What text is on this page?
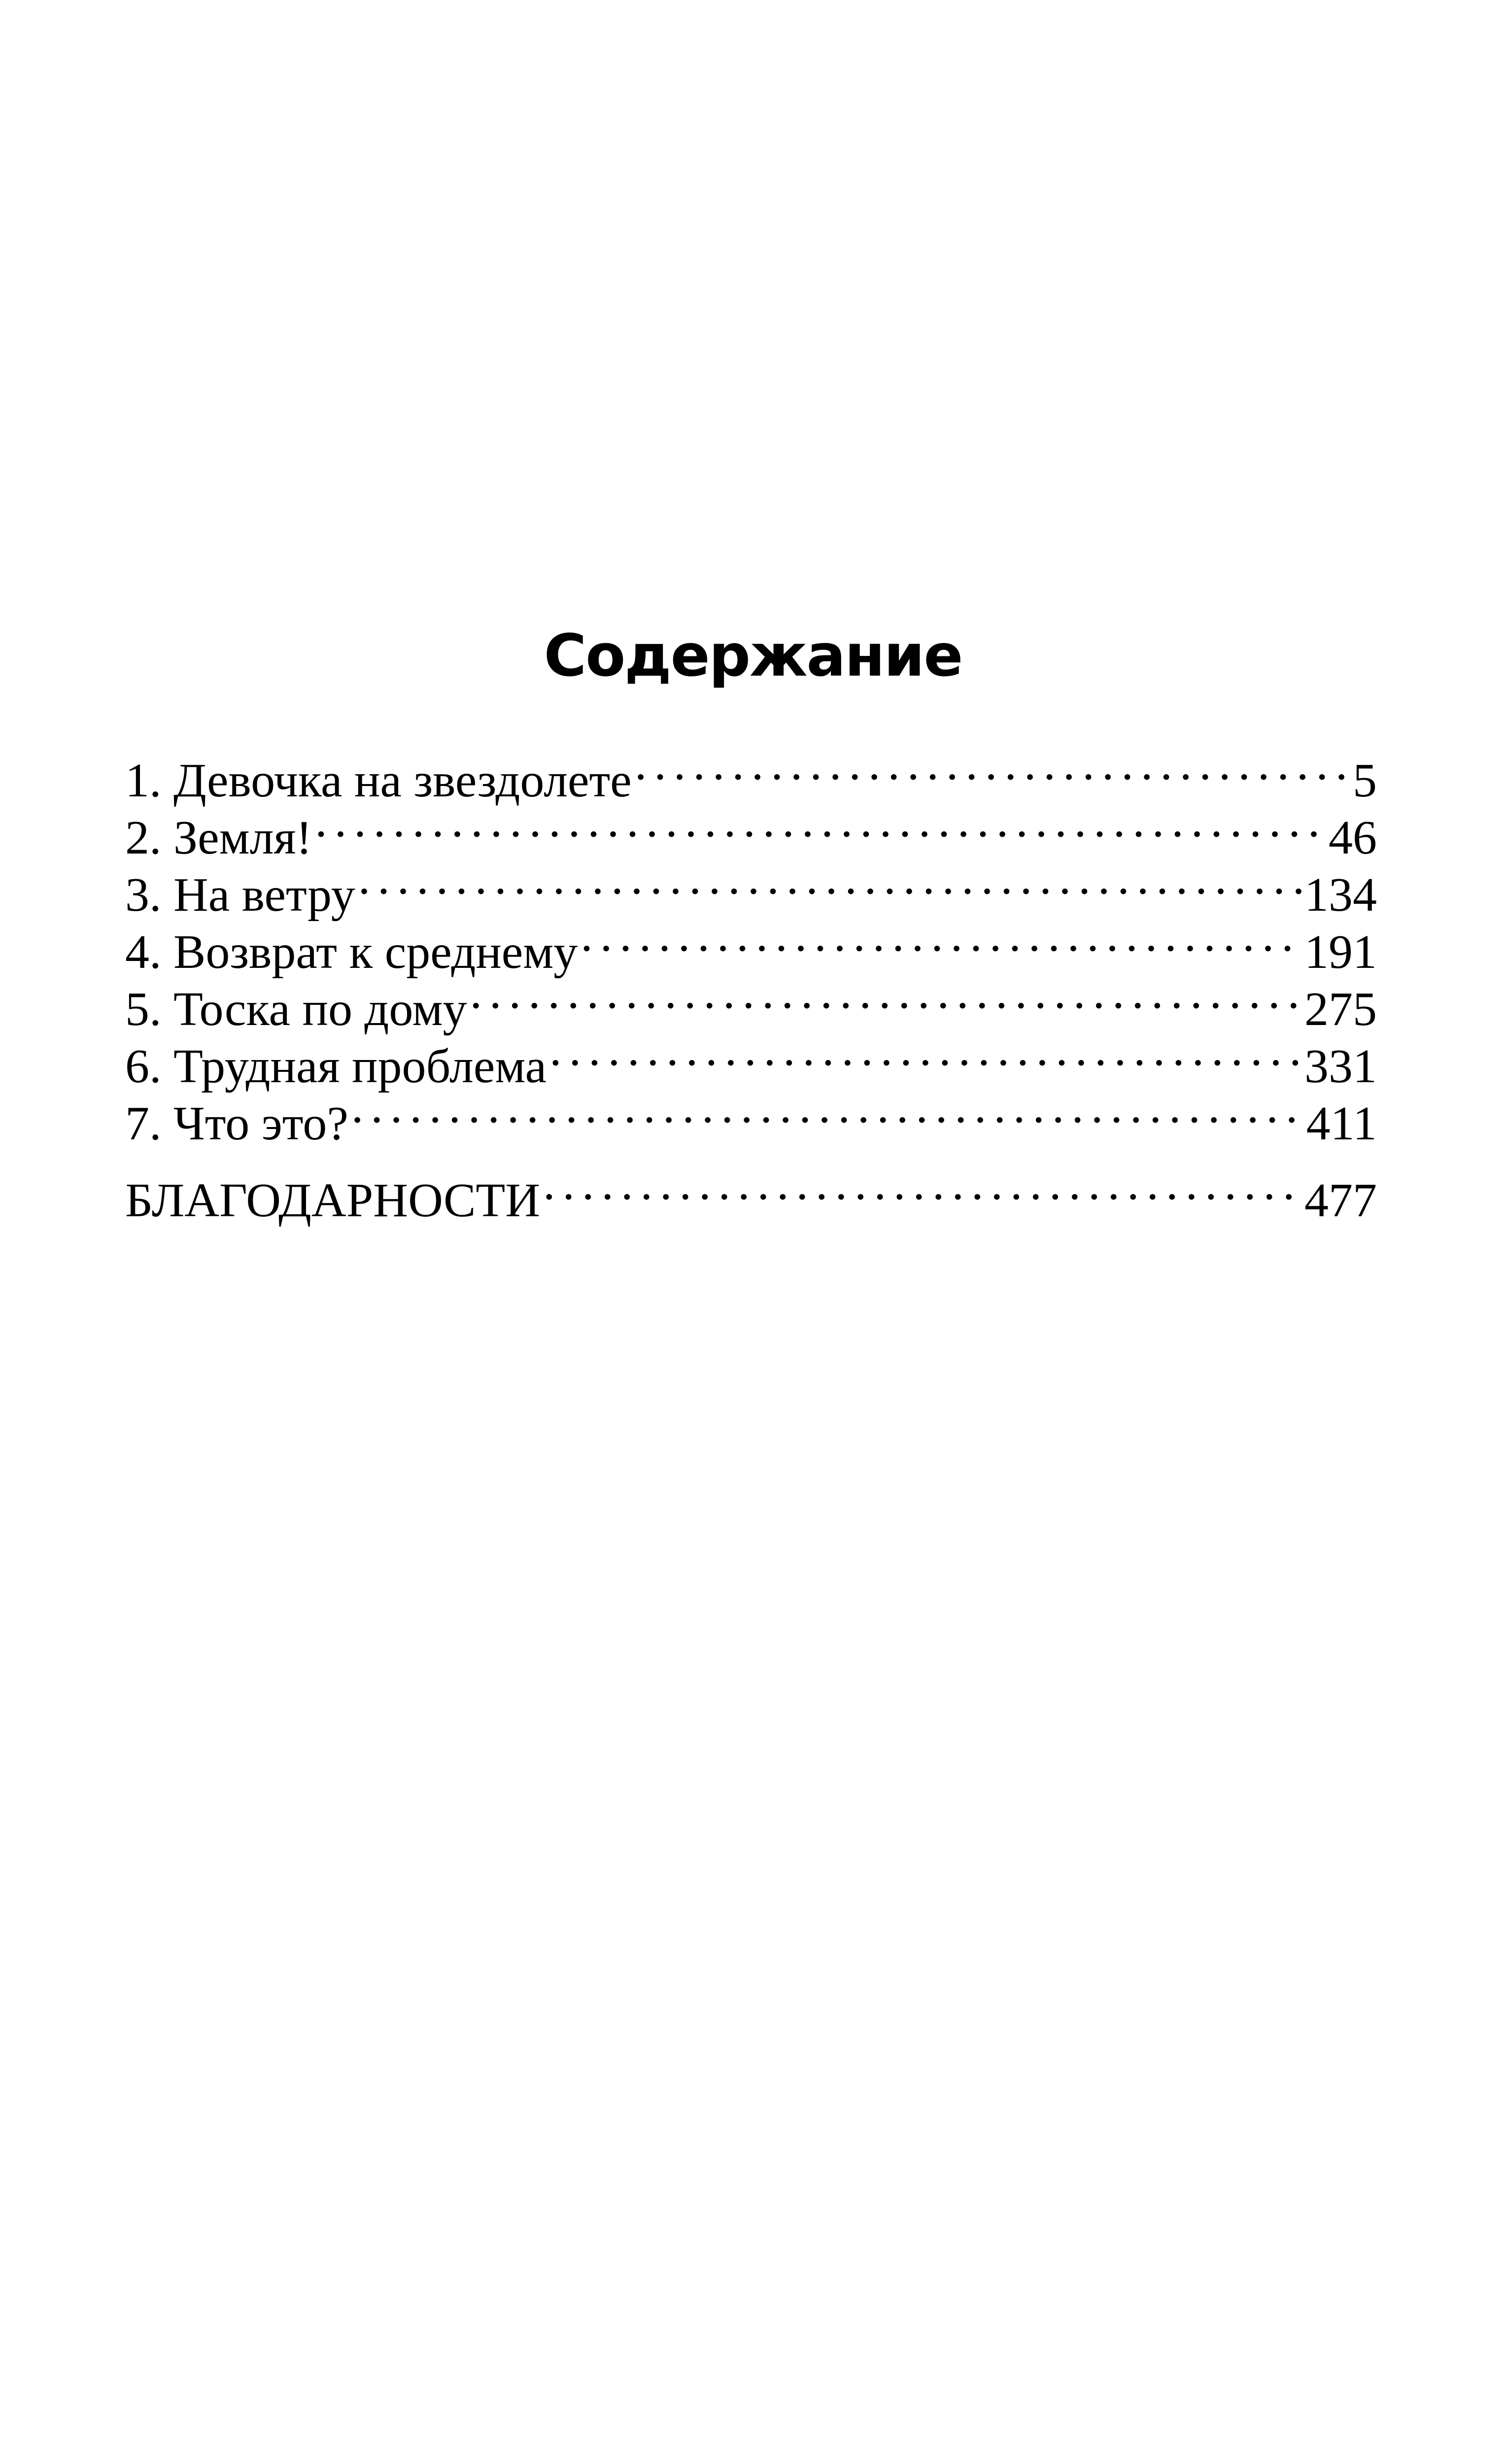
Содержание
1. Девочка на звездолете .....	5
2. Земля! .....	46
3. На ветру .....	134
4. Возврат к среднему .....	191
5. Тоска по дому .....	275
6. Трудная проблема .....	331
7. Что это? .....	411
БЛАГОДАРНОСТИ .....	477
